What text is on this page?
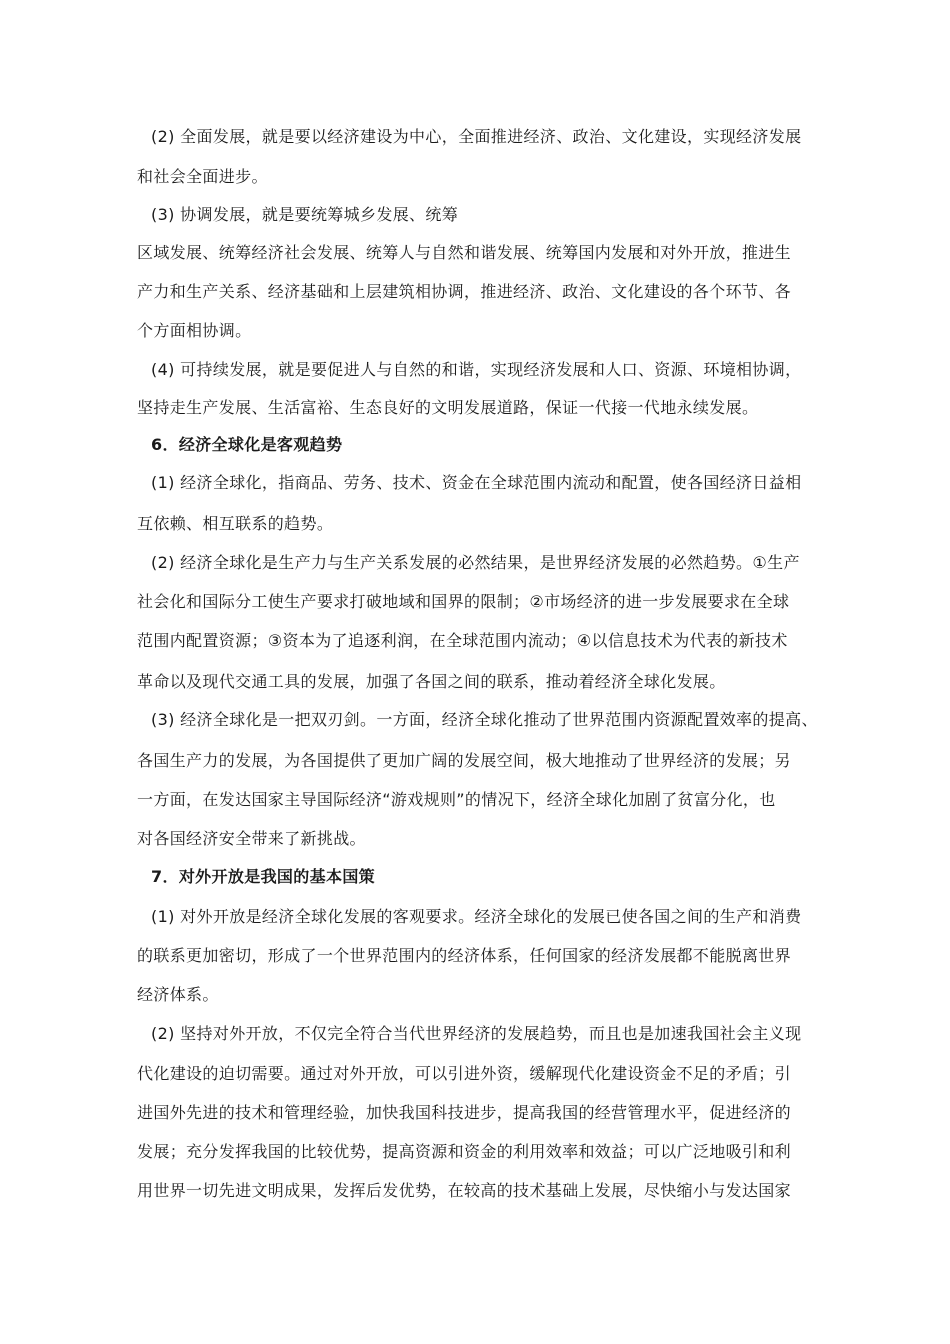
(2) 全面发展，就是要以经济建设为中心，全面推进经济、政治、文化建设，实现经济发展
和社会全面进步。
(3) 协调发展，就是要统筹城乡发展、统筹
区域发展、统筹经济社会发展、统筹人与自然和谐发展、统筹国内发展和对外开放，推进生
产力和生产关系、经济基础和上层建筑相协调，推进经济、政治、文化建设的各个环节、各
个方面相协调。
(4) 可持续发展，就是要促进人与自然的和谐，实现经济发展和人口、资源、环境相协调，
坚持走生产发展、生活富裕、生态良好的文明发展道路，保证一代接一代地永续发展。
6．经济全球化是客观趋势
(1) 经济全球化，指商品、劳务、技术、资金在全球范围内流动和配置，使各国经济日益相
互依赖、相互联系的趋势。
(2) 经济全球化是生产力与生产关系发展的必然结果，是世界经济发展的必然趋势。①生产
社会化和国际分工使生产要求打破地域和国界的限制；②市场经济的进一步发展要求在全球
范围内配置资源；③资本为了追逐利润，在全球范围内流动；④以信息技术为代表的新技术
革命以及现代交通工具的发展，加强了各国之间的联系，推动着经济全球化发展。
(3) 经济全球化是一把双刃剑。一方面，经济全球化推动了世界范围内资源配置效率的提高、
各国生产力的发展，为各国提供了更加广阔的发展空间，极大地推动了世界经济的发展；另
一方面，在发达国家主导国际经济“游戏规则”的情况下，经济全球化加剧了贫富分化，也
对各国经济安全带来了新挑战。
7．对外开放是我国的基本国策
(1) 对外开放是经济全球化发展的客观要求。经济全球化的发展已使各国之间的生产和消费
的联系更加密切，形成了一个世界范围内的经济体系，任何国家的经济发展都不能脱离世界
经济体系。
(2) 坚持对外开放，不仅完全符合当代世界经济的发展趋势，而且也是加速我国社会主义现
代化建设的迫切需要。通过对外开放，可以引进外资，缓解现代化建设资金不足的矛盾；引
进国外先进的技术和管理经验，加快我国科技进步，提高我国的经营管理水平，促进经济的
发展；充分发挥我国的比较优势，提高资源和资金的利用效率和效益；可以广泛地吸引和利
用世界一切先进文明成果，发挥后发优势，在较高的技术基础上发展，尽快缩小与发达国家
